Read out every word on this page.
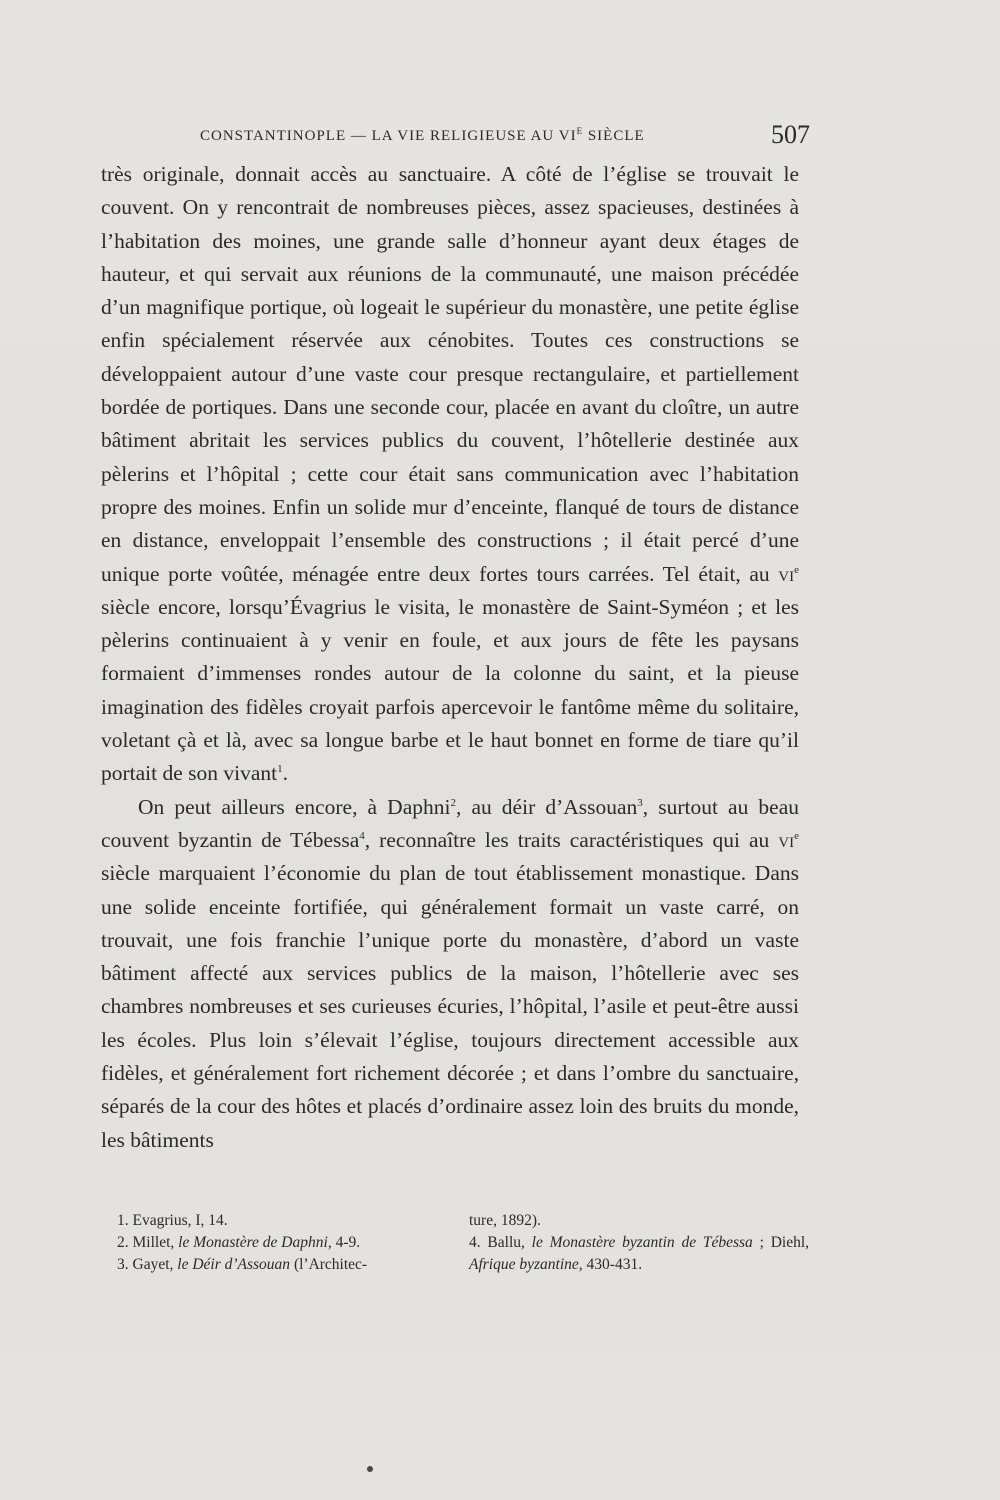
CONSTANTINOPLE — LA VIE RELIGIEUSE AU $VI^E$ SIÈCLE	507

très originale, donnait accès au sanctuaire. A côté de l’église se trouvait le couvent. On y rencontrait de nombreuses pièces, assez spacieuses, destinées à l’habitation des moines, une grande salle d’honneur ayant deux étages de hauteur, et qui servait aux réunions de la communauté, une maison précédée d’un magnifique portique, où logeait le supérieur du monastère, une petite église enfin spécialement réservée aux cénobites. Toutes ces constructions se développaient autour d’une vaste cour presque rectangulaire, et partiellement bordée de portiques. Dans une seconde cour, placée en avant du cloître, un autre bâtiment abritait les services publics du couvent, l’hôtellerie destinée aux pèlerins et l’hôpital ; cette cour était sans communication avec l’habitation propre des moines. Enfin un solide mur d’enceinte, flanqué de tours de distance en distance, enveloppait l’ensemble des constructions ; il était percé d’une unique porte voûtée, ménagée entre deux fortes tours carrées. Tel était, au vi$^e$ siècle encore, lorsqu’Évagrius le visita, le monastère de Saint-Syméon ; et les pèlerins continuaient à y venir en foule, et aux jours de fête les paysans formaient d’immenses rondes autour de la colonne du saint, et la pieuse imagination des fidèles croyait parfois apercevoir le fantôme même du solitaire, voletant çà et là, avec sa longue barbe et le haut bonnet en forme de tiare qu’il portait de son vivant$^1$.

On peut ailleurs encore, à Daphni$^2$, au déir d’Assouan$^3$, surtout au beau couvent byzantin de Tébessa$^4$, reconnaître les traits caractéristiques qui au vi$^e$ siècle marquaient l’économie du plan de tout établissement monastique. Dans une solide enceinte fortifiée, qui généralement formait un vaste carré, on trouvait, une fois franchie l’unique porte du monastère, d’abord un vaste bâtiment affecté aux services publics de la maison, l’hôtellerie avec ses chambres nombreuses et ses curieuses écuries, l’hôpital, l’asile et peut-être aussi les écoles. Plus loin s’élevait l’église, toujours directement accessible aux fidèles, et généralement fort richement décorée ; et dans l’ombre du sanctuaire, séparés de la cour des hôtes et placés d’ordinaire assez loin des bruits du monde, les bâtiments

1. Evagrius, I, 14.

2. Millet, le Monastère de Daphni, 4-9.

3. Gayet, le Déir d’Assouan (l’Architec-

ture, 1892).

4. Ballu, le Monastère byzantin de Tébessa ; Diehl, Afrique byzantine, 430-431.
